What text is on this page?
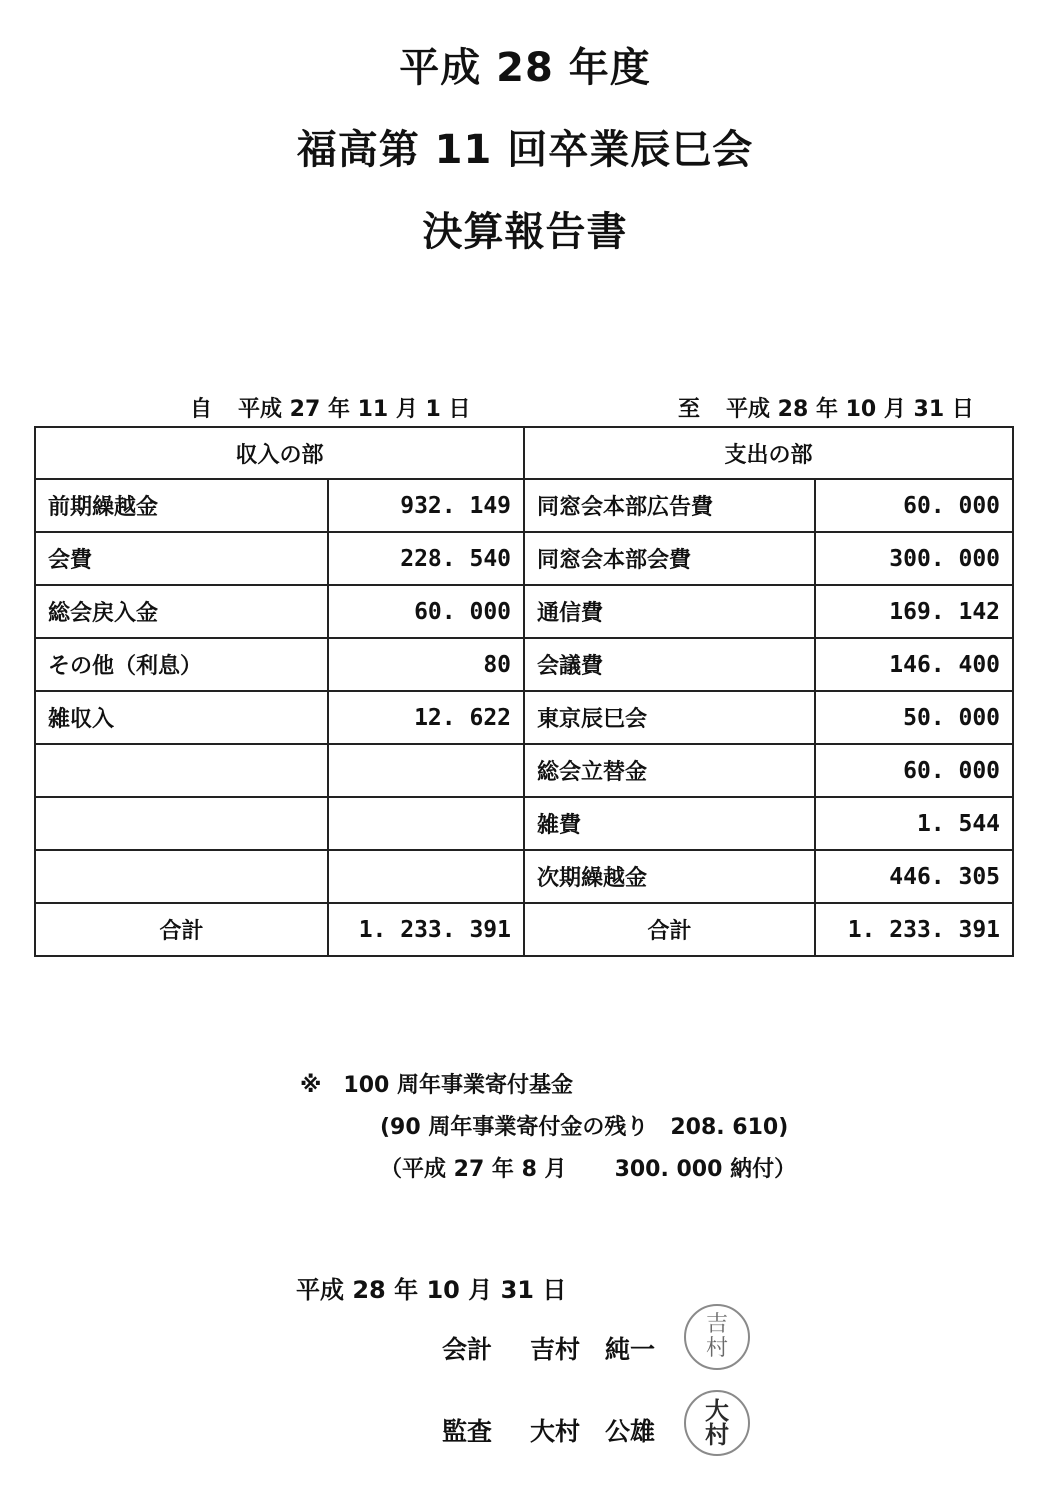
平成 28 年度
福高第 11 回卒業辰巳会
決算報告書
自 平成 27 年 11 月 1 日	至 平成 28 年 10 月 31 日
収入の部		支出の部	
前期繰越金	932. 149	同窓会本部広告費	60. 000
会費	228. 540	同窓会本部会費	300. 000
総会戻入金	60. 000	通信費	169. 142
その他（利息）	80	会議費	146. 400
雑収入	12. 622	東京辰巳会	50. 000
		総会立替金	60. 000
		雑費	1. 544
		次期繰越金	446. 305
合計	1. 233. 391	合計	1. 233. 391
※ 100 周年事業寄付基金
(90 周年事業寄付金の残り 208. 610)
（平成 27 年 8 月 300. 000 納付）
平成 28 年 10 月 31 日
会計 吉村　純一
吉
村
監査 大村　公雄
大
村
